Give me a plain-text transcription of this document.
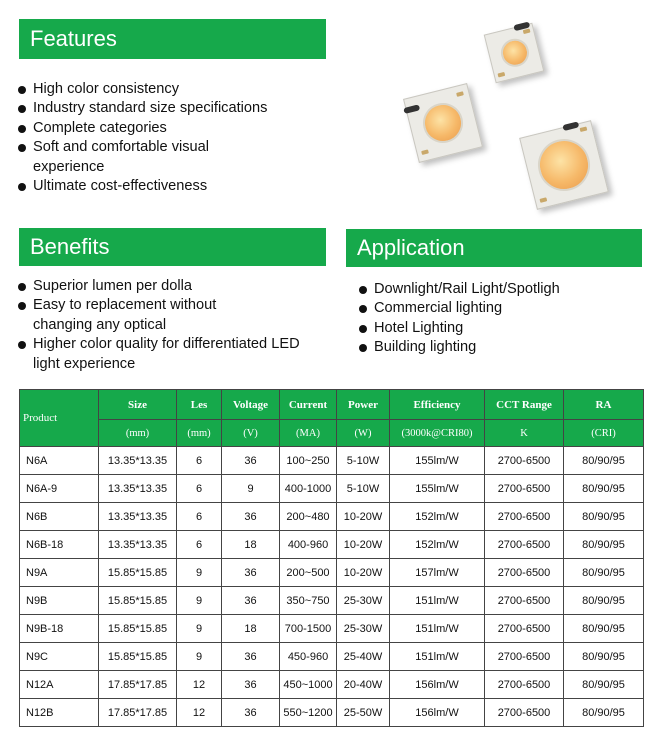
Features
High color consistency
Industry standard size specifications
Complete categories
Soft and comfortable visual experience
Ultimate cost-effectiveness
Benefits
Superior lumen per dolla
Easy to replacement without changing any optical
Higher color quality for differentiated LED light experience
Application
Downlight/Rail Light/Spotligh
Commercial lighting
Hotel Lighting
Building lighting
Product	Size	Les	Voltage	Current	Power	Efficiency	CCT Range	RA
	(mm)	(mm)	(V)	(MA)	(W)	(3000k@CRI80)	K	(CRI)
N6A	13.35*13.35	6	36	100~250	5-10W	155lm/W	2700-6500	80/90/95
N6A-9	13.35*13.35	6	9	400-1000	5-10W	155lm/W	2700-6500	80/90/95
N6B	13.35*13.35	6	36	200~480	10-20W	152lm/W	2700-6500	80/90/95
N6B-18	13.35*13.35	6	18	400-960	10-20W	152lm/W	2700-6500	80/90/95
N9A	15.85*15.85	9	36	200~500	10-20W	157lm/W	2700-6500	80/90/95
N9B	15.85*15.85	9	36	350~750	25-30W	151lm/W	2700-6500	80/90/95
N9B-18	15.85*15.85	9	18	700-1500	25-30W	151lm/W	2700-6500	80/90/95
N9C	15.85*15.85	9	36	450-960	25-40W	151lm/W	2700-6500	80/90/95
N12A	17.85*17.85	12	36	450~1000	20-40W	156lm/W	2700-6500	80/90/95
N12B	17.85*17.85	12	36	550~1200	25-50W	156lm/W	2700-6500	80/90/95
